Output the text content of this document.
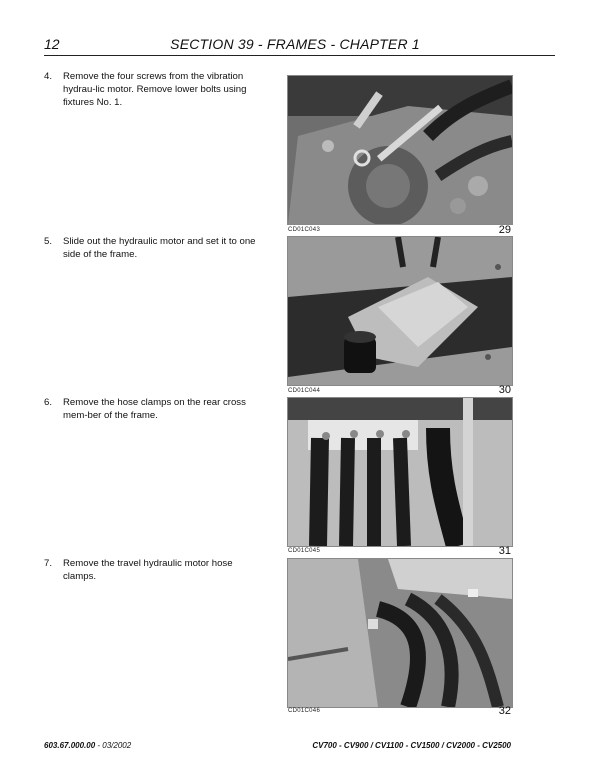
12	SECTION 39 - FRAMES - CHAPTER 1
4.	Remove the four screws from the vibration hydrau-lic motor. Remove lower bolts using fixtures No. 1.
CD01C043	29
5.	Slide out the hydraulic motor and set it to one side of the frame.
CD01C044	30
6.	Remove the hose clamps on the rear cross mem-ber of the frame.
CD01C045	31
7.	Remove the travel hydraulic motor hose clamps.
CD01C046	32
603.67.000.00 - 03/2002	CV700 - CV900 / CV1100 - CV1500 / CV2000 - CV2500
